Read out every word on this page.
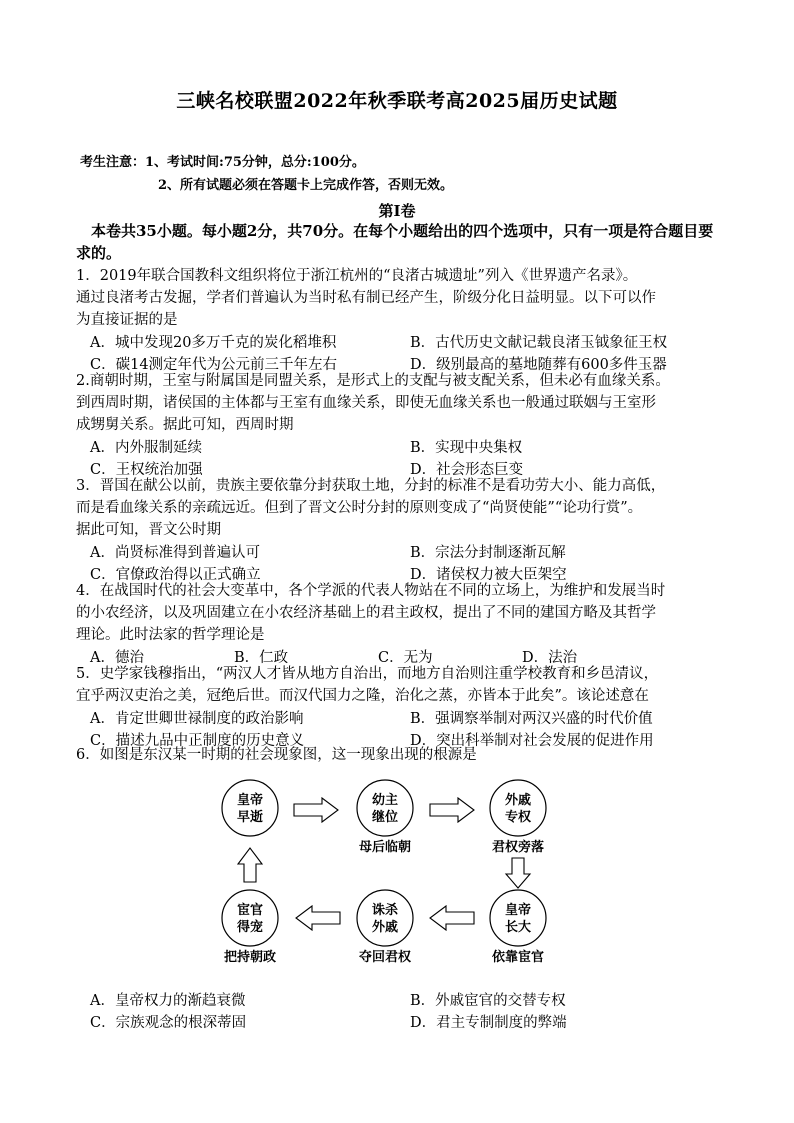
三峡名校联盟2022年秋季联考高2025届历史试题
考生注意：1、考试时间:75分钟，总分:100分。
2、所有试题必须在答题卡上完成作答，否则无效。
第Ⅰ卷
本卷共35小题。每小题2分，共70分。在每个小题给出的四个选项中，只有一项是符合题目要求的。
1．2019年联合国教科文组织将位于浙江杭州的“良渚古城遗址”列入《世界遗产名录》。
通过良渚考古发掘，学者们普遍认为当时私有制已经产生，阶级分化日益明显。以下可以作
为直接证据的是
A．城中发现20多万千克的炭化稻堆积	B．古代历史文献记载良渚玉钺象征王权
C．碳14测定年代为公元前三千年左右	D．级别最高的墓地随葬有600多件玉器
2.商朝时期，王室与附属国是同盟关系，是形式上的支配与被支配关系，但未必有血缘关系。
到西周时期，诸侯国的主体都与王室有血缘关系，即使无血缘关系也一般通过联姻与王室形
成甥舅关系。据此可知，西周时期
A．内外服制延续	B．实现中央集权
C．王权统治加强	D．社会形态巨变
3．晋国在献公以前，贵族主要依靠分封获取土地，分封的标准不是看功劳大小、能力高低，
而是看血缘关系的亲疏远近。但到了晋文公时分封的原则变成了“尚贤使能”“论功行赏”。
据此可知，晋文公时期
A．尚贤标准得到普遍认可	B．宗法分封制逐渐瓦解
C．官僚政治得以正式确立	D．诸侯权力被大臣架空
4．在战国时代的社会大变革中，各个学派的代表人物站在不同的立场上，为维护和发展当时
的小农经济，以及巩固建立在小农经济基础上的君主政权，提出了不同的建国方略及其哲学
理论。此时法家的哲学理论是
A．德治	B．仁政	C．无为	D．法治
5．史学家钱穆指出，“两汉人才皆从地方自治出，而地方自治则注重学校教育和乡邑清议，
宜乎两汉吏治之美，冠绝后世。而汉代国力之隆，治化之蒸，亦皆本于此矣”。该论述意在
A．肯定世卿世禄制度的政治影响	B．强调察举制对两汉兴盛的时代价值
C．描述九品中正制度的历史意义	D．突出科举制对社会发展的促进作用
6．如图是东汉某一时期的社会现象图，这一现象出现的根源是
皇帝
早逝
幼主
继位
母后临朝
外戚
专权
君权旁落
皇帝
长大
依靠宦官
诛杀
外戚
夺回君权
宦官
得宠
把持朝政
A．皇帝权力的渐趋衰微	B．外戚宦官的交替专权
C．宗族观念的根深蒂固	D．君主专制制度的弊端
